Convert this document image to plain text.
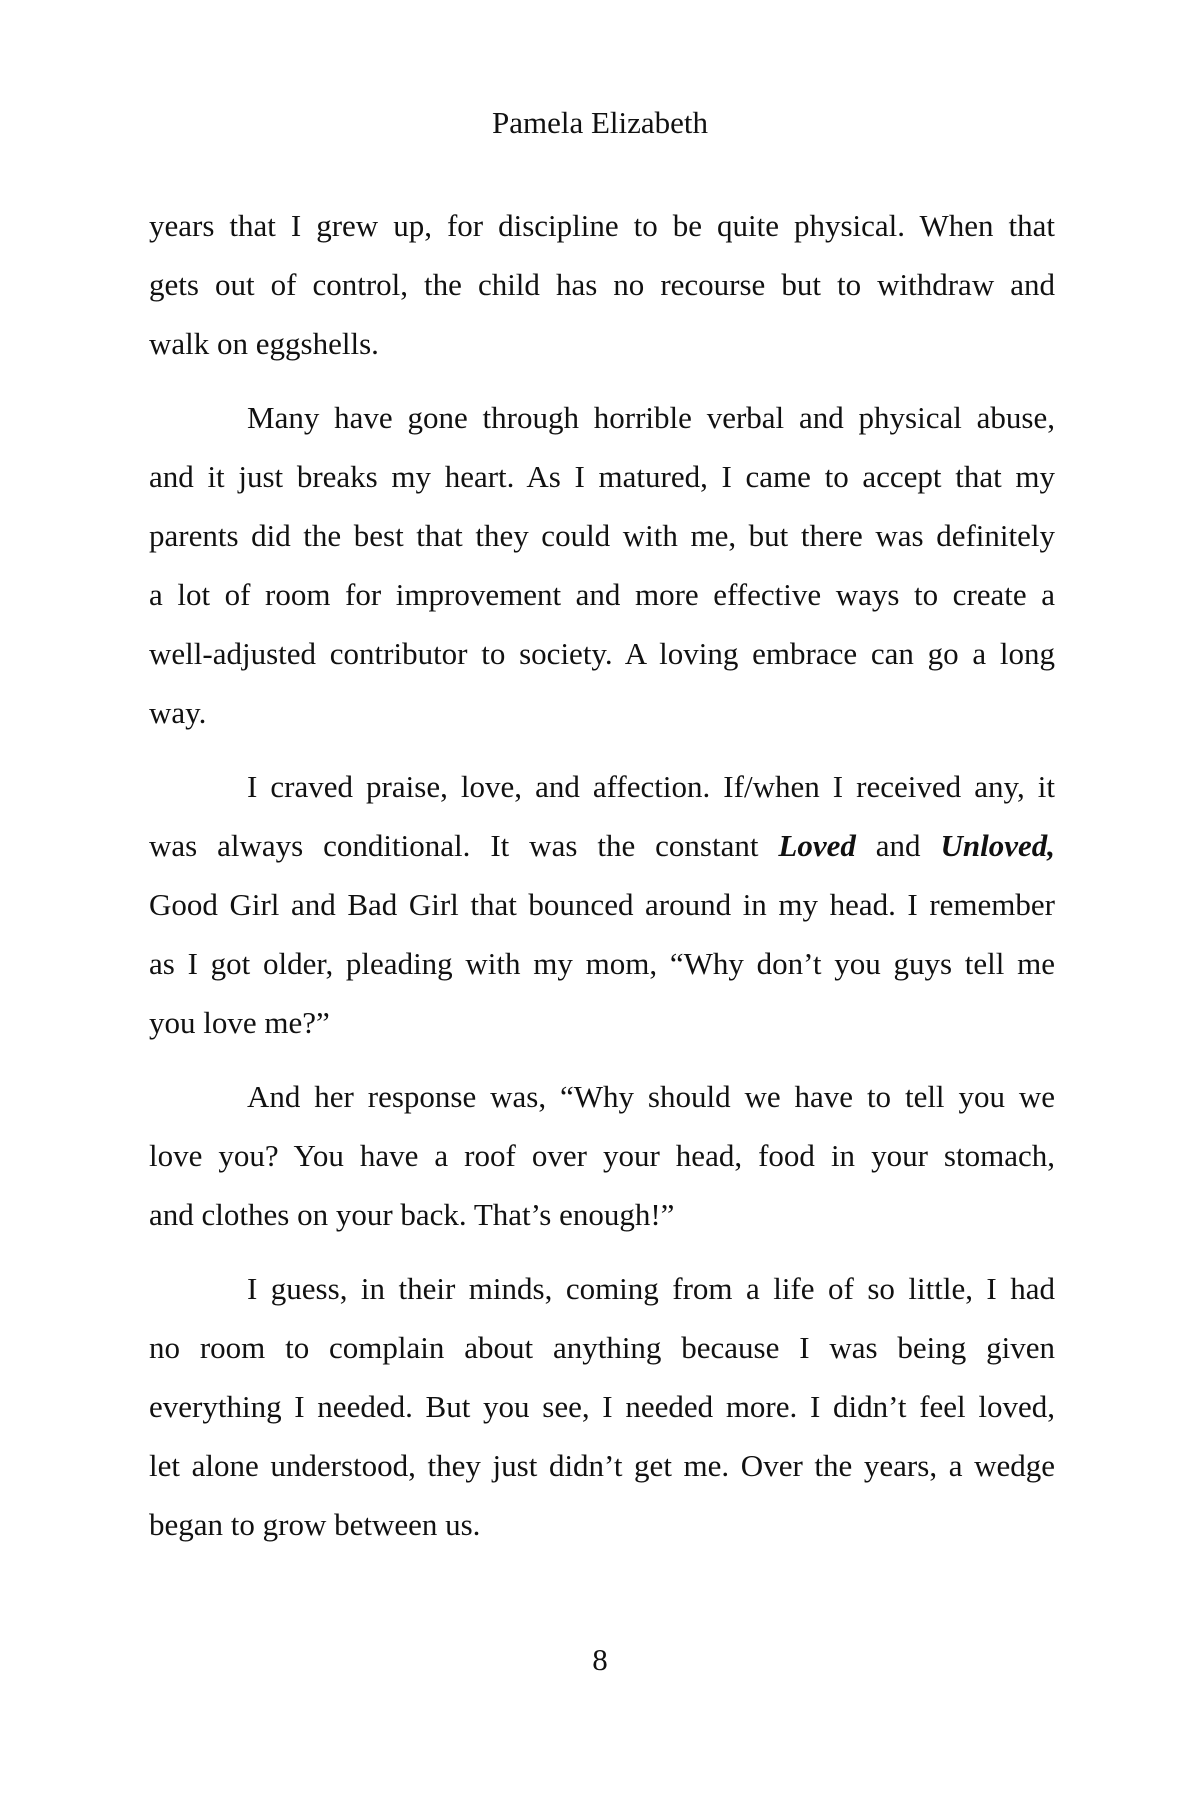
Pamela Elizabeth
years that I grew up, for discipline to be quite physical. When that
gets out of control, the child has no recourse but to withdraw and
walk on eggshells.
Many have gone through horrible verbal and physical abuse,
and it just breaks my heart. As I matured, I came to accept that my
parents did the best that they could with me, but there was definitely
a lot of room for improvement and more effective ways to create a
well-adjusted contributor to society. A loving embrace can go a long
way.
I craved praise, love, and affection. If/when I received any, it
was always conditional. It was the constant Loved and Unloved,
Good Girl and Bad Girl that bounced around in my head. I remember
as I got older, pleading with my mom, “Why don’t you guys tell me
you love me?”
And her response was, “Why should we have to tell you we
love you? You have a roof over your head, food in your stomach,
and clothes on your back. That’s enough!”
I guess, in their minds, coming from a life of so little, I had
no room to complain about anything because I was being given
everything I needed. But you see, I needed more. I didn’t feel loved,
let alone understood, they just didn’t get me. Over the years, a wedge
began to grow between us.
8
